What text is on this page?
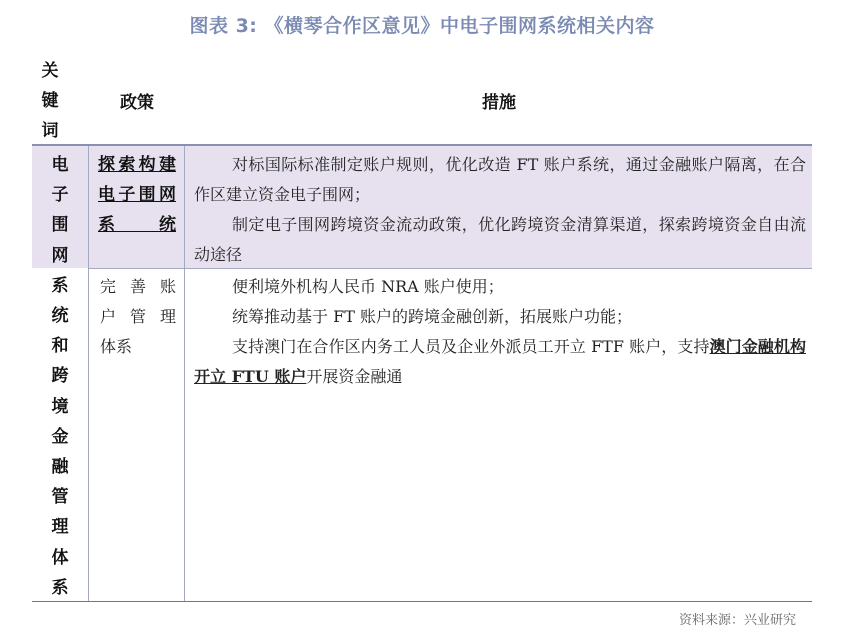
图表 3: 《横琴合作区意见》中电子围网系统相关内容
关
键
词
政策	措施
电
子
围
网
系
统
和
跨
境
金
融
管
理
体
系
探索构建电子围网系统
完善账
户管理
体系

对标国际标准制定账户规则，优化改造 FT 账户系统，通过金融账户隔离，在合作区建立资金电子围网；

制定电子围网跨境资金流动政策，优化跨境资金清算渠道，探索跨境资金自由流动途径

便利境外机构人民币 NRA 账户使用；

统筹推动基于 FT 账户的跨境金融创新，拓展账户功能；

支持澳门在合作区内务工人员及企业外派员工开立 FTF 账户，支持澳门金融机构开立 FTU 账户开展资金融通

资料来源：兴业研究
